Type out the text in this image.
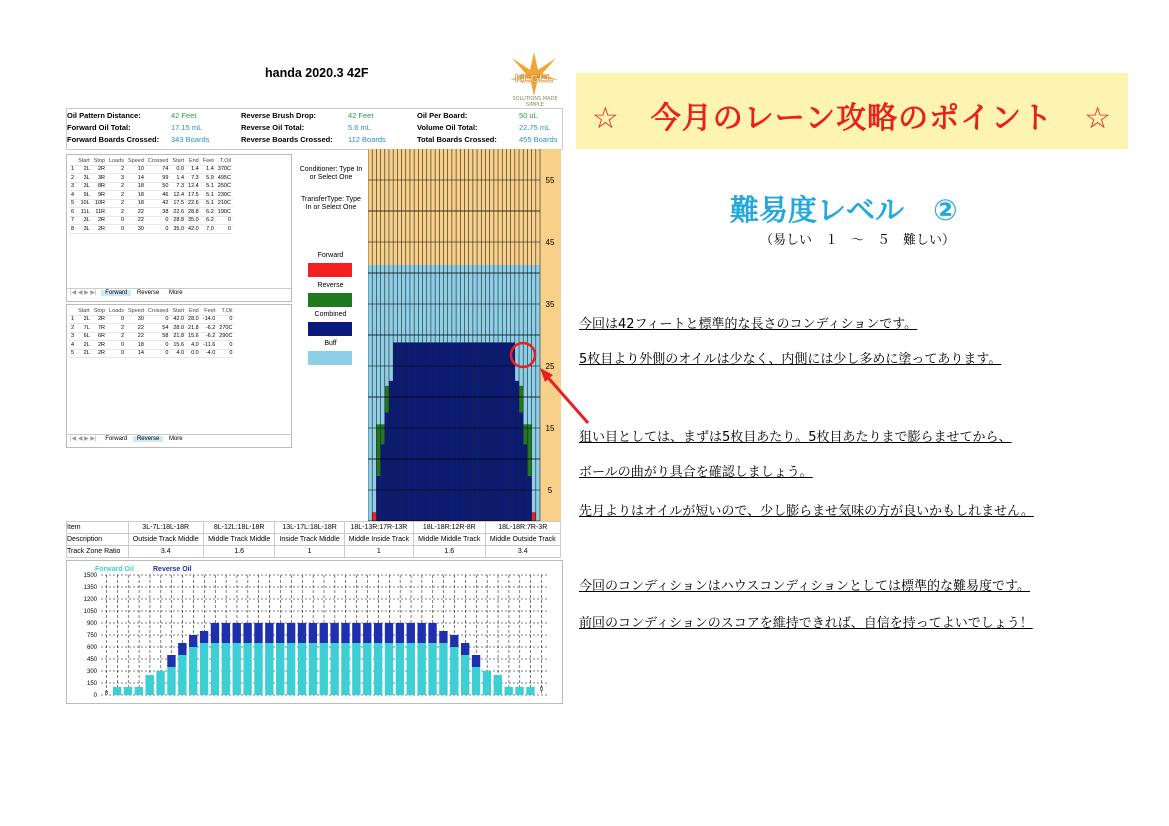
handa 2020.3 42F	KEGEL
SOLUTIONS MADE SIMPLE
Oil Pattern Distance:	42 Feet	Reverse Brush Drop:	42 Feet	Oil Per Board:	50 uL
Forward Oil Total:	17.15 mL	Reverse Oil Total:	5.6 mL	Volume Oil Total:	22.75 mL
Forward Boards Crossed: 343 Boards	Reverse Boards Crossed: 112 Boards	Total Boards Crossed:	455 Boards
	Start	Stop	Loads	Speed	Crossed	Start	End	Feet	T.Oil
1	2L	2R	2	10	74	0.0	1.4	1.4	370C
2	3L	3R	3	14	99	1.4	7.3	5.9	495C
3	3L	8R	2	18	50	7.3	12.4	5.1	250C
4	9L	9R	2	18	46	12.4	17.5	5.1	230C
5	10L	10R	2	18	42	17.5	22.6	5.1	210C
6	11L	11R	2	22	38	22.6	28.8	6.2	190C
7	3L	2R	0	22	0	28.8	35.0	6.2	0
8	3L	2R	0	30	0	35.0	42.0	7.0	0
|◀ ◀ ▶ ▶| Forward Reverse More
	Start	Stop	Loads	Speed	Crossed	Start	End	Feet	T.Oil
1	2L	2R	0	30	0	42.0	28.0	-14.0	0
2	7L	7R	2	22	54	28.0	21.8	-6.2	270C
3	6L	6R	2	22	58	21.8	15.6	-6.2	290C
4	2L	2R	0	18	0	15.6	4.0	-11.6	0
5	2L	2R	0	14	0	4.0	0.0	-4.0	0
|◀ ◀ ▶ ▶| Forward Reverse More
Conditioner: Type In or Select One
TransferType: Type In or Select One
Forward
Reverse
Combined
Buff
55
45
35
25
15
5
Item	3L-7L:18L-18R	8L-12L:18L-18R	13L-17L:18L-18R	18L-13R:17R-13R	18L-18R:12R-8R	18L-18R:7R-3R
Description	Outside Track Middle	Middle Track Middle	Inside Track Middle	Middle Inside Track	Middle Middle Track	Middle Outside Track
Track Zone Ratio	3.4	1.6	1	1	1.6	3.4
1500
1350
1200
1050
900
750
600
450
300
150
0 0
0
Forward Oil	Reverse Oil
☆　今月のレーン攻略のポイント　☆
難易度レベル　②
（易しい　１　～　５　難しい）
今回は42フィートと標準的な長さのコンディションです。
5枚目より外側のオイルは少なく、内側には少し多めに塗ってあります。
狙い目としては、まずは5枚目あたり。5枚目あたりまで膨らませてから、
ボールの曲がり具合を確認しましょう。
先月よりはオイルが短いので、少し膨らませ気味の方が良いかもしれません。
今回のコンディションはハウスコンディションとしては標準的な難易度です。
前回のコンディションのスコアを維持できれば、自信を持ってよいでしょう！
